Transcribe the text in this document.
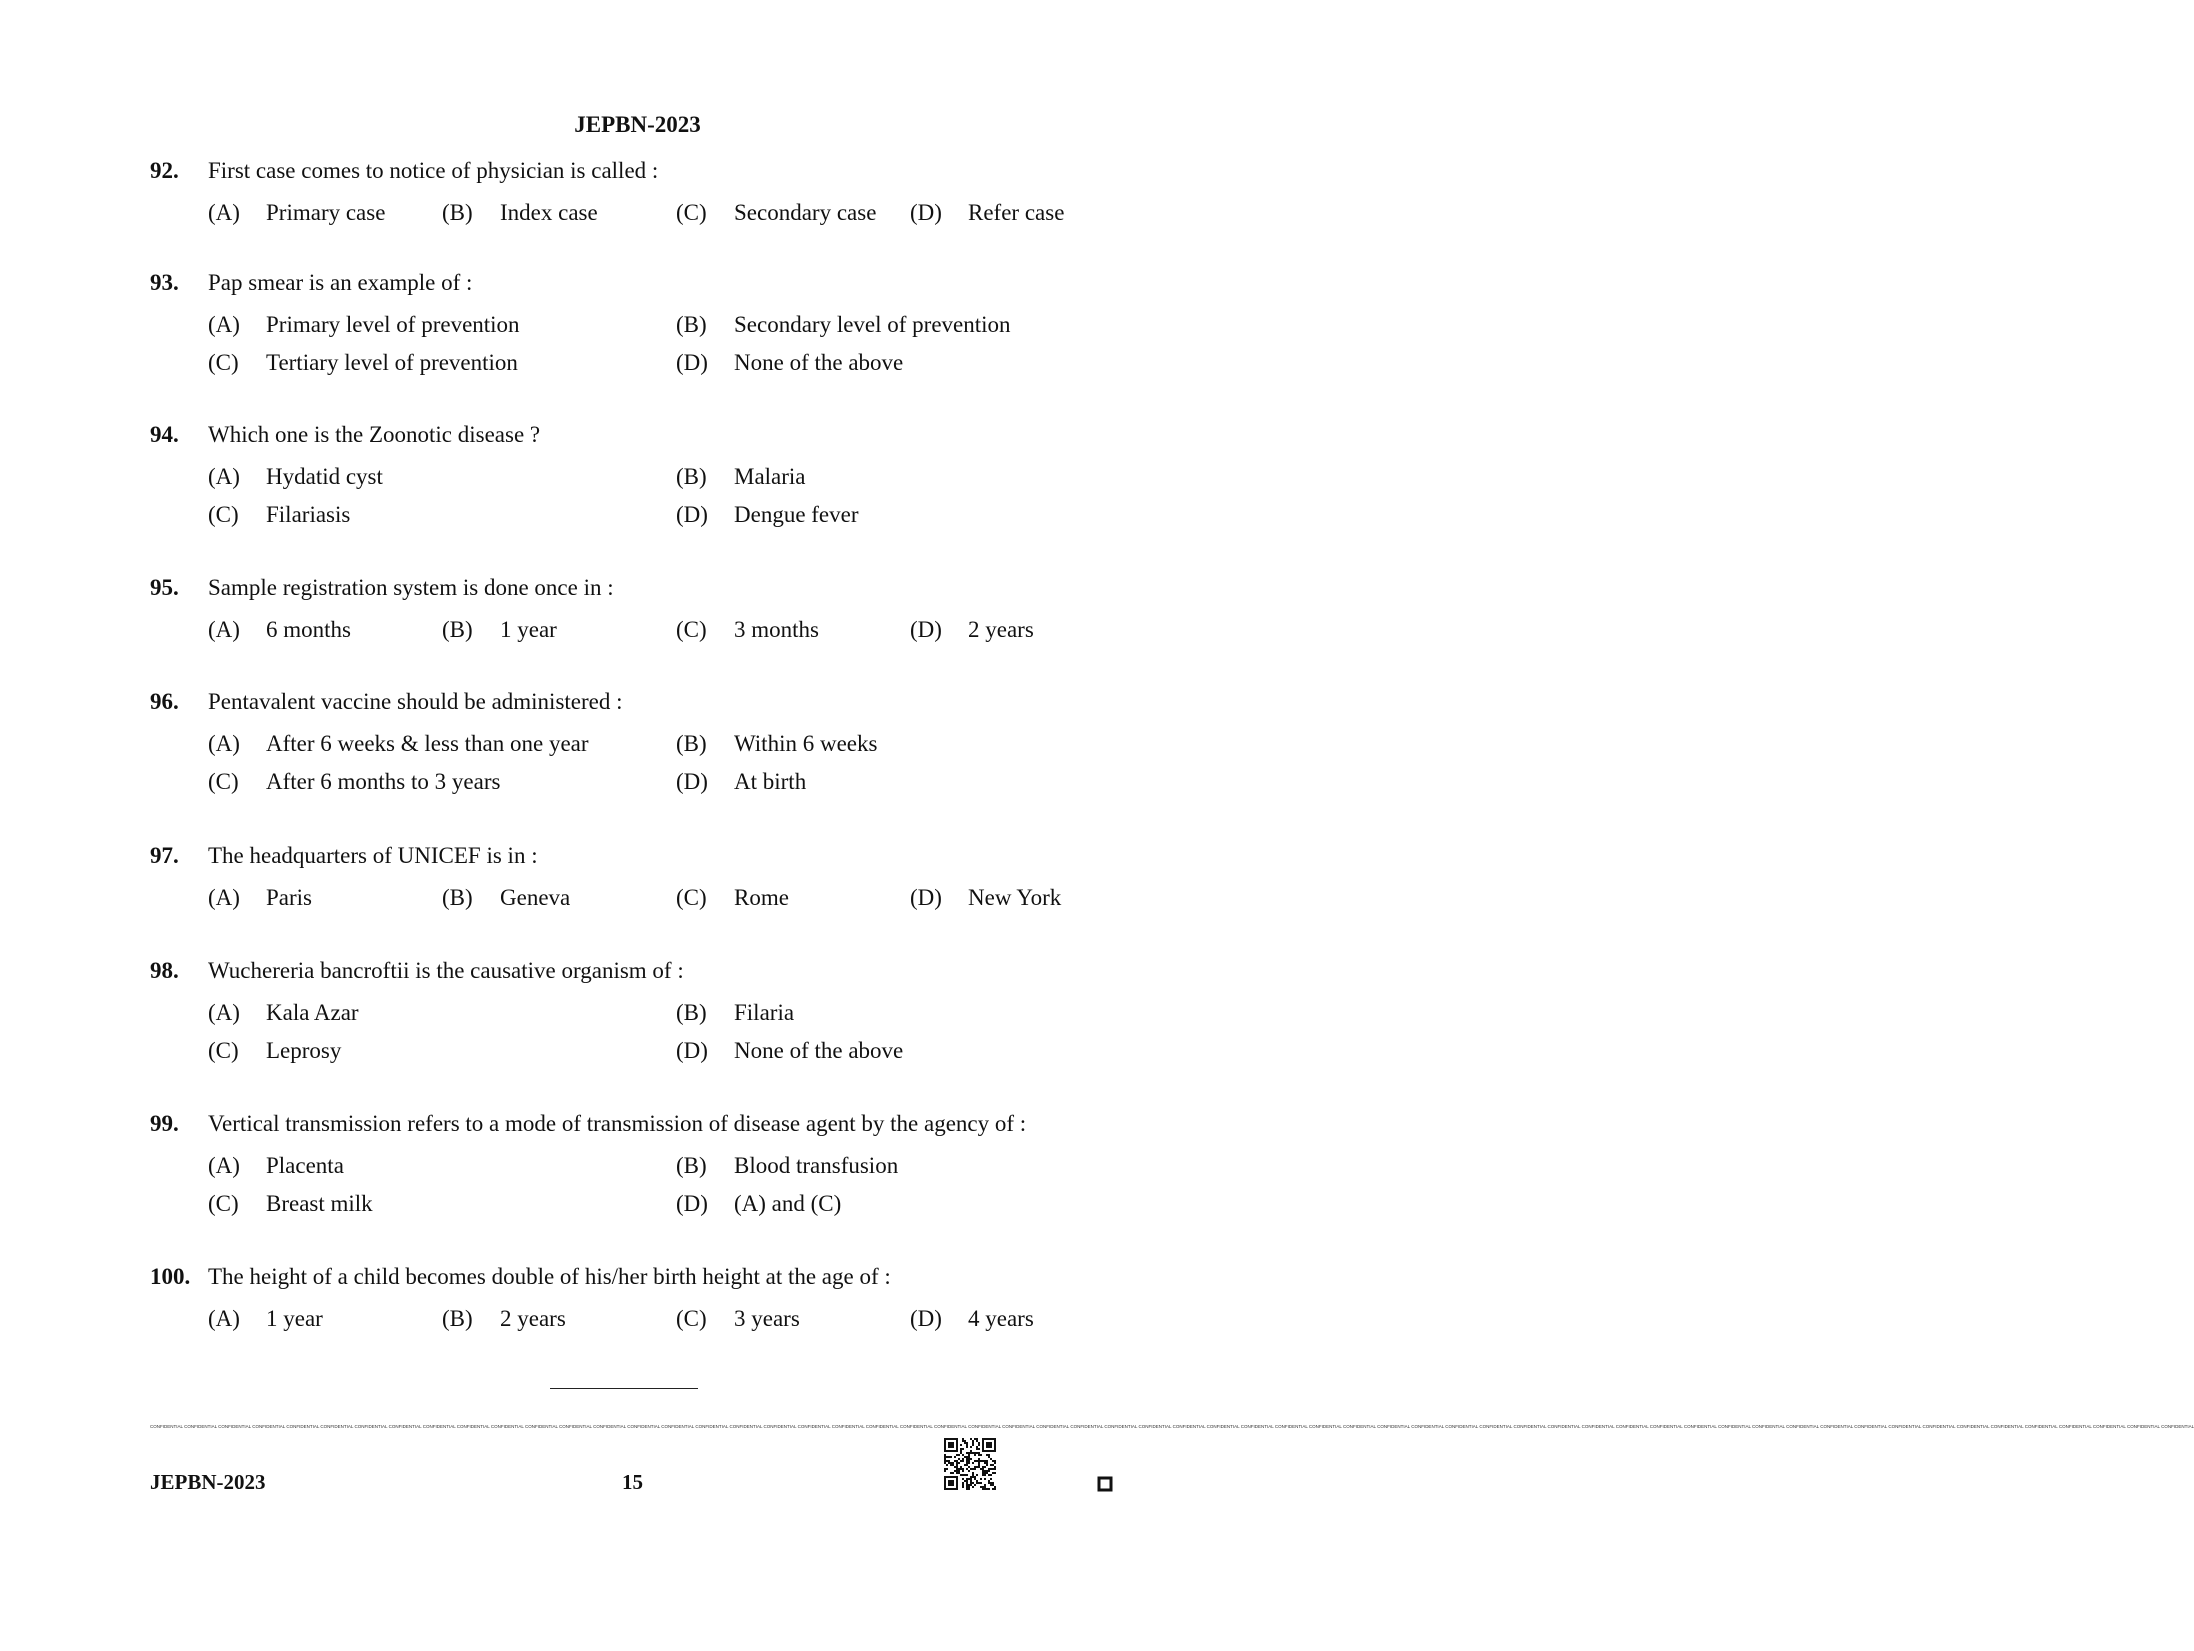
JEPBN-2023
92. First case comes to notice of physician is called :
(A) Primary case (B) Index case	(C) Secondary case (D) Refer case
93. Pap smear is an example of :
(A) Primary level of prevention	(B) Secondary level of prevention
(C) Tertiary level of prevention	(D) None of the above
94. Which one is the Zoonotic disease ?
(A) Hydatid cyst	(B) Malaria
(C) Filariasis	(D) Dengue fever
95. Sample registration system is done once in :
(A) 6 months	(B) 1 year	(C) 3 months	(D) 2 years
96. Pentavalent vaccine should be administered :
(A) After 6 weeks & less than one year	(B) Within 6 weeks
(C) After 6 months to 3 years	(D) At birth
97. The headquarters of UNICEF is in :
(A) Paris	(B) Geneva	(C) Rome	(D) New York
98. Wuchereria bancroftii is the causative organism of :
(A) Kala Azar	(B) Filaria
(C) Leprosy	(D) None of the above
99. Vertical transmission refers to a mode of transmission of disease agent by the agency of :
(A) Placenta	(B) Blood transfusion
(C) Breast milk	(D) (A) and (C)
100. The height of a child becomes double of his/her birth height at the age of :
(A) 1 year	(B) 2 years	(C) 3 years	(D) 4 years
CONFIDENTIAL CONFIDENTIAL CONFIDENTIAL CONFIDENTIAL CONFIDENTIAL CONFIDENTIAL CONFIDENTIAL CONFIDENTIAL CONFIDENTIAL CONFIDENTIAL CONFIDENTIAL CONFIDENTIAL CONFIDENTIAL CONFIDENTIAL CONFIDENTIAL CONFIDENTIAL CONFIDENTIAL CONFIDENTIAL CONFIDENTIAL CONFIDENTIAL CONFIDENTIAL CONFIDENTIAL CONFIDENTIAL CONFIDENTIAL CONFIDENTIAL CONFIDENTIAL CONFIDENTIAL CONFIDENTIAL CONFIDENTIAL CONFIDENTIAL CONFIDENTIAL CONFIDENTIAL CONFIDENTIAL CONFIDENTIAL CONFIDENTIAL CONFIDENTIAL CONFIDENTIAL CONFIDENTIAL CONFIDENTIAL CONFIDENTIAL CONFIDENTIAL CONFIDENTIAL CONFIDENTIAL CONFIDENTIAL CONFIDENTIAL CONFIDENTIAL CONFIDENTIAL CONFIDENTIAL CONFIDENTIAL CONFIDENTIAL CONFIDENTIAL CONFIDENTIAL CONFIDENTIAL CONFIDENTIAL CONFIDENTIAL CONFIDENTIAL CONFIDENTIAL CONFIDENTIAL CONFIDENTIAL CONFIDENTIAL
JEPBN-2023	15
